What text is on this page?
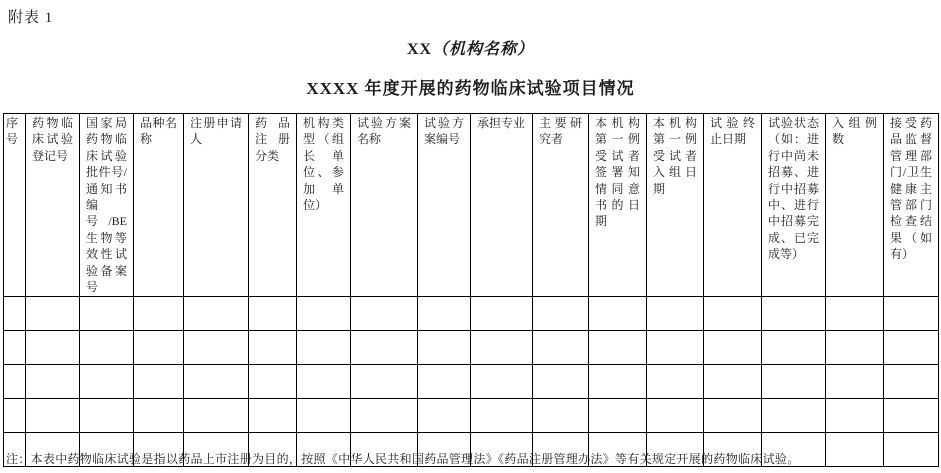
附表 1
XX（机构名称）
XXXX 年度开展的药物临床试验项目情况
序号	药物临床试验登记号	国家局药物临床试验批件号/通知书编号/BE 生物等效性试验备案号	品种名称	注册申请人	药品注册分类	机构类型（组长单位、参加单位）	试验方案名称	试验方案编号	承担专业	主要研究者	本机构第一例受试者签署知情同意书的日期	本机构第一例受试者入组日期	试验终止日期	试验状态（如：进行中尚未招募、进行中招募中、进行中招募完成、已完成等）	入组例数	接受药品监督管理部门/卫生健康主管部门检查结果（如有）

注：本表中药物临床试验是指以药品上市注册为目的，按照《中华人民共和国药品管理法》《药品注册管理办法》等有关规定开展的药物临床试验。
